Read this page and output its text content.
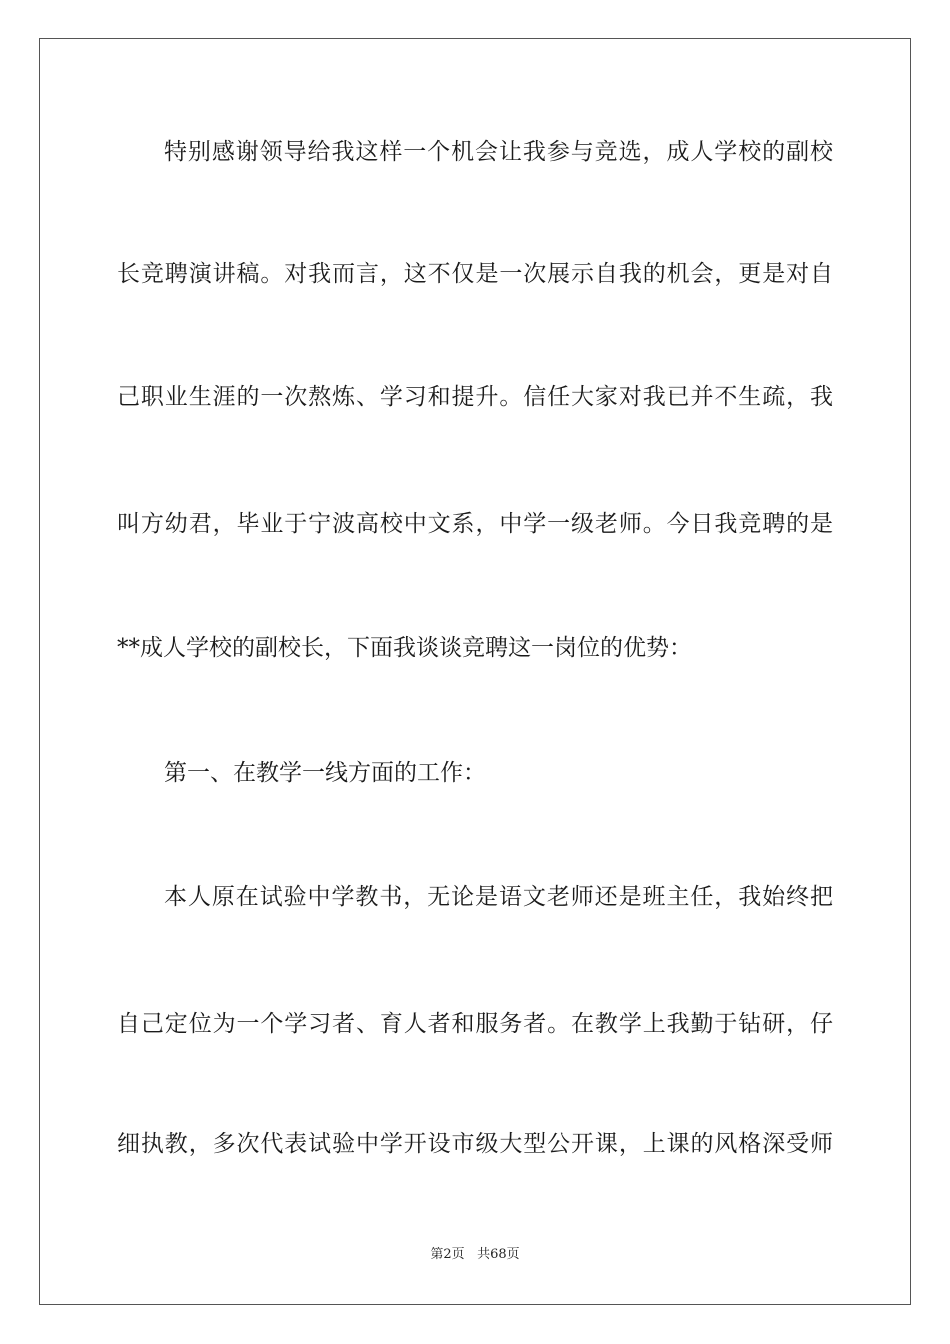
特别感谢领导给我这样一个机会让我参与竞选，成人学校的副校
长竞聘演讲稿。对我而言，这不仅是一次展示自我的机会，更是对自
己职业生涯的一次熬炼、学习和提升。信任大家对我已并不生疏，我
叫方幼君，毕业于宁波高校中文系，中学一级老师。今日我竞聘的是
**成人学校的副校长，下面我谈谈竞聘这一岗位的优势：
第一、在教学一线方面的工作：
本人原在试验中学教书，无论是语文老师还是班主任，我始终把
自己定位为一个学习者、育人者和服务者。在教学上我勤于钻研，仔
细执教，多次代表试验中学开设市级大型公开课，上课的风格深受师
第2页 共68页
